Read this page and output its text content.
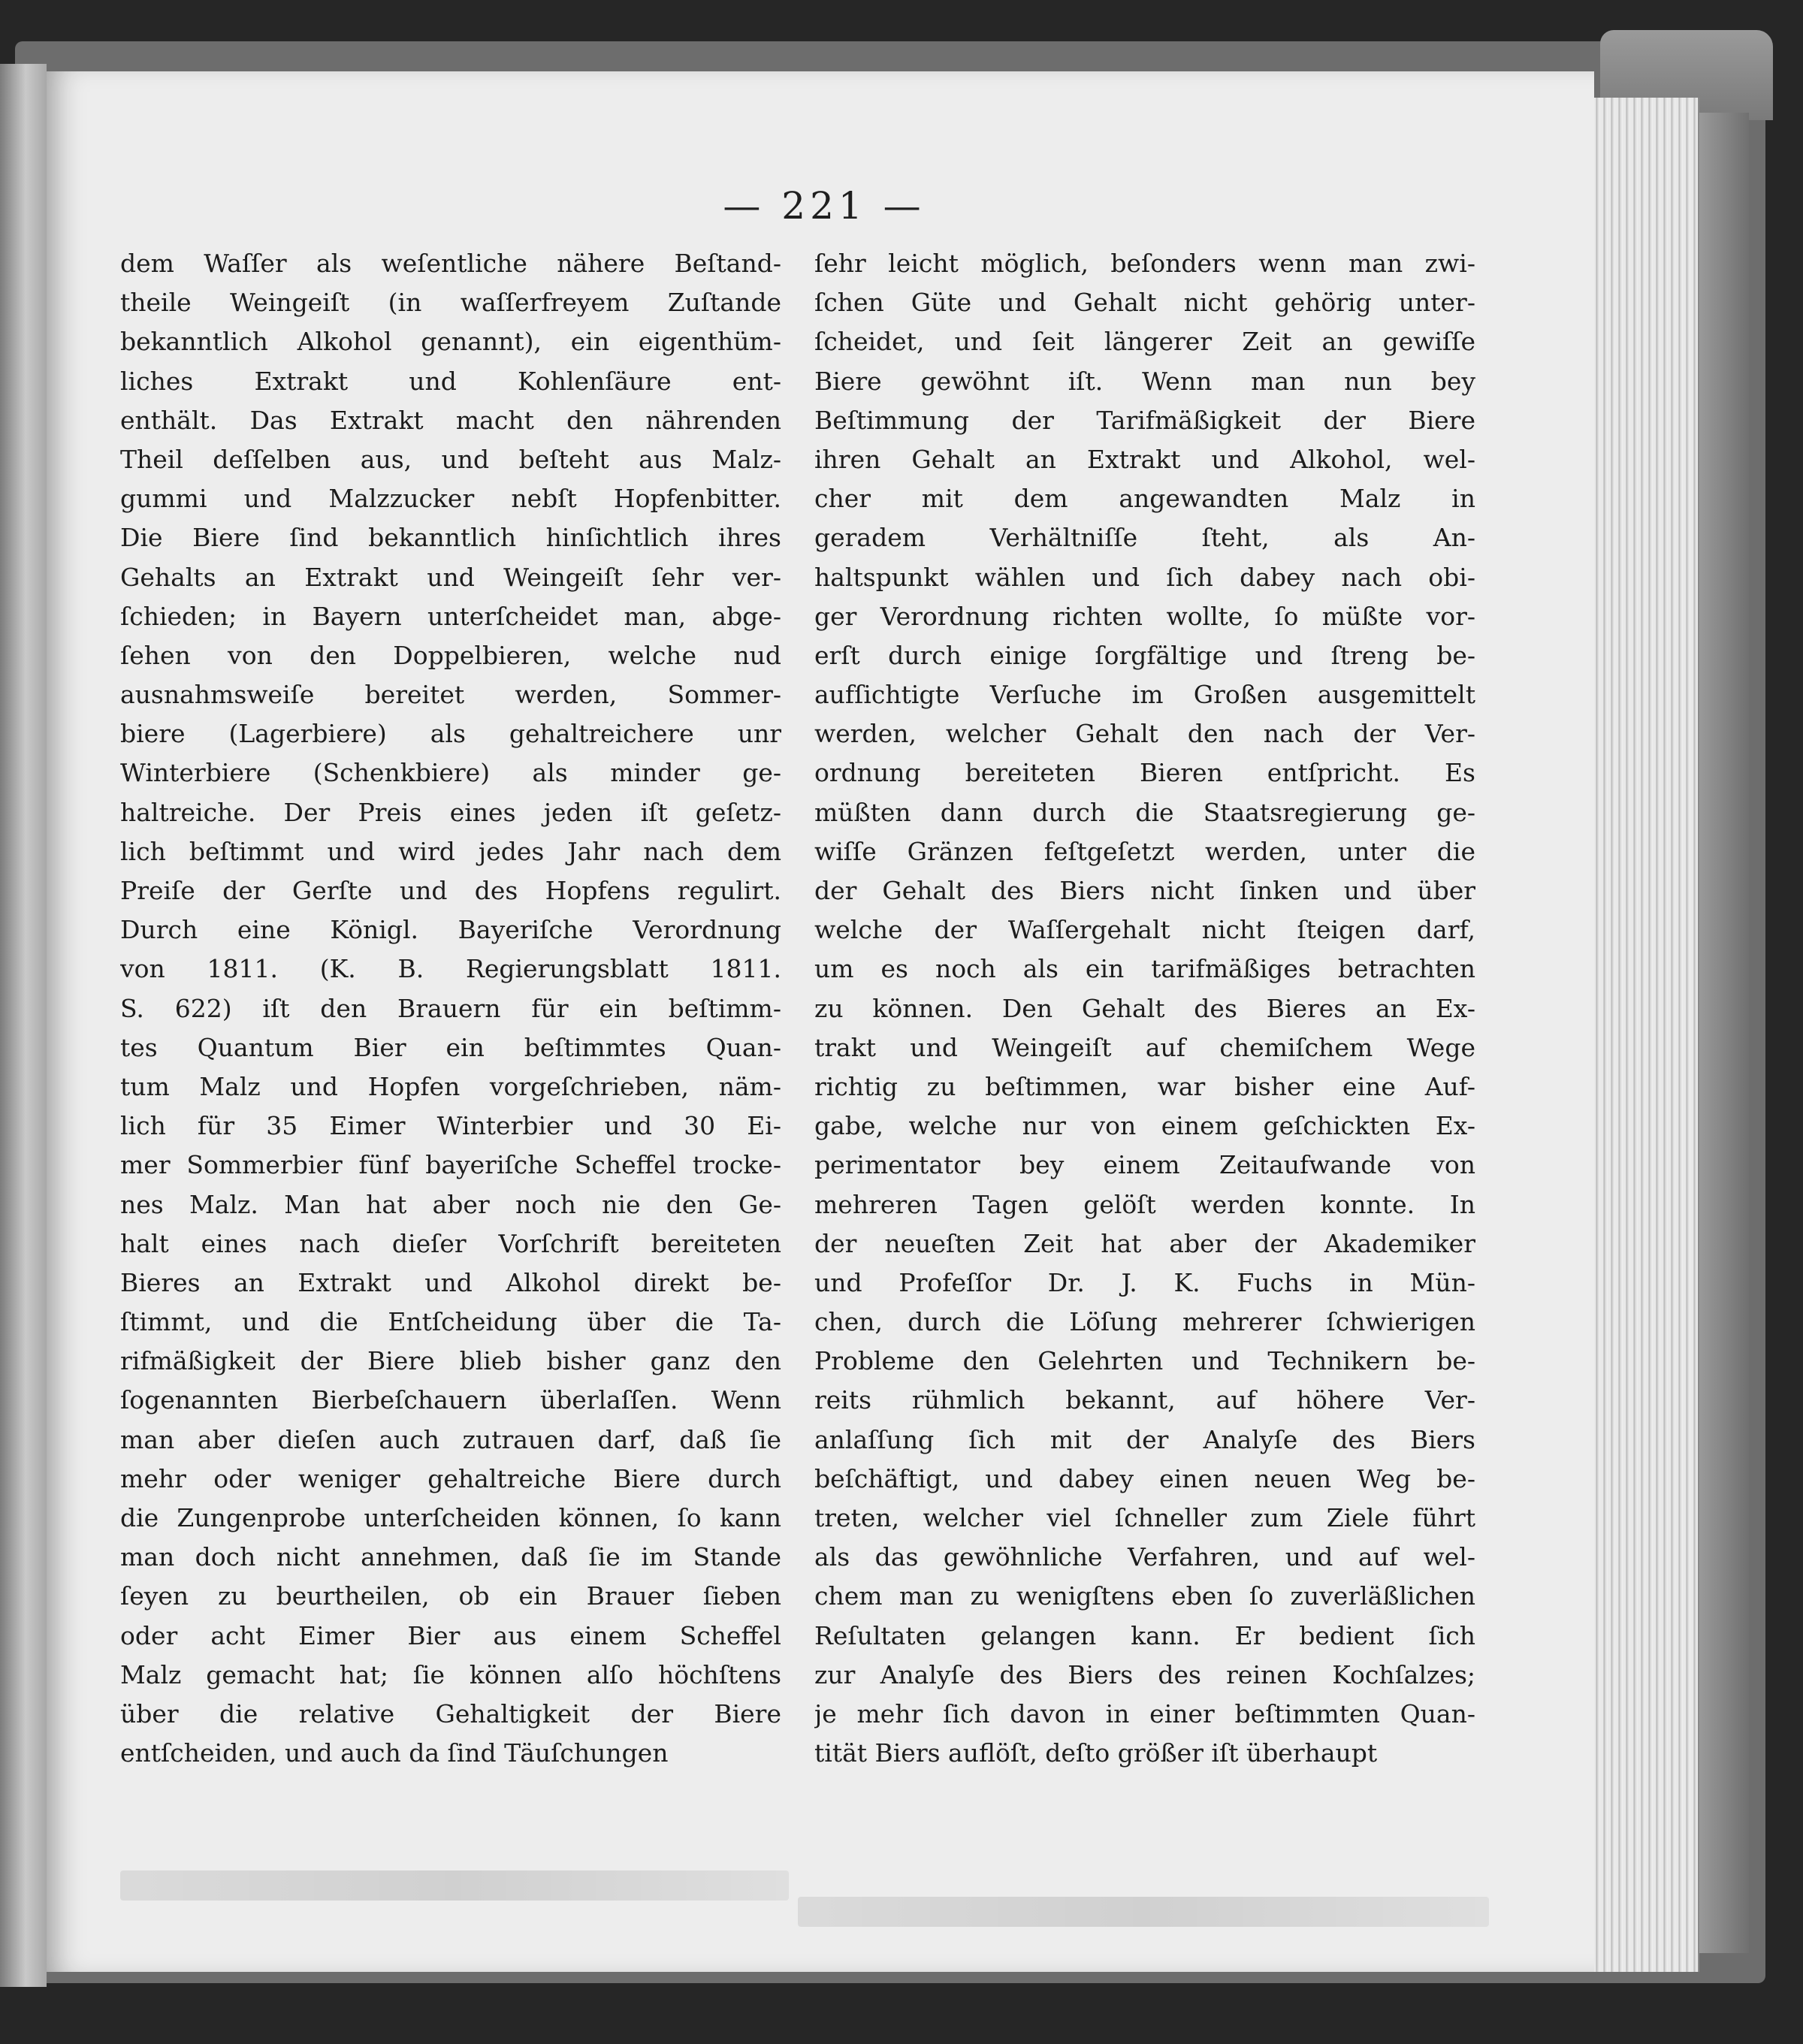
— 221 —
dem Waſſer als weſentliche nähere Beſtand-
theile Weingeiſt (in waſſerfreyem Zuſtande
bekanntlich Alkohol genannt), ein eigenthüm-
liches Extrakt und Kohlenſäure ent-
enthält. Das Extrakt macht den nährenden
Theil deſſelben aus, und beſteht aus Malz-
gummi und Malzzucker nebſt Hopfenbitter.
Die Biere ſind bekanntlich hinſichtlich ihres
Gehalts an Extrakt und Weingeiſt ſehr ver-
ſchieden; in Bayern unterſcheidet man, abge-
ſehen von den Doppelbieren, welche nud
ausnahmsweiſe bereitet werden, Sommer-
biere (Lagerbiere) als gehaltreichere unr
Winterbiere (Schenkbiere) als minder ge-
haltreiche. Der Preis eines jeden iſt geſetz-
lich beſtimmt und wird jedes Jahr nach dem
Preiſe der Gerſte und des Hopfens regulirt.
Durch eine Königl. Bayeriſche Verordnung
von 1811. (K. B. Regierungsblatt 1811.
S. 622) iſt den Brauern für ein beſtimm-
tes Quantum Bier ein beſtimmtes Quan-
tum Malz und Hopfen vorgeſchrieben, näm-
lich für 35 Eimer Winterbier und 30 Ei-
mer Sommerbier fünf bayeriſche Scheffel trocke-
nes Malz. Man hat aber noch nie den Ge-
halt eines nach dieſer Vorſchrift bereiteten
Bieres an Extrakt und Alkohol direkt be-
ſtimmt, und die Entſcheidung über die Ta-
rifmäßigkeit der Biere blieb bisher ganz den
ſogenannten Bierbeſchauern überlaſſen. Wenn
man aber dieſen auch zutrauen darf, daß ſie
mehr oder weniger gehaltreiche Biere durch
die Zungenprobe unterſcheiden können, ſo kann
man doch nicht annehmen, daß ſie im Stande
ſeyen zu beurtheilen, ob ein Brauer ſieben
oder acht Eimer Bier aus einem Scheffel
Malz gemacht hat; ſie können alſo höchſtens
über die relative Gehaltigkeit der Biere
entſcheiden, und auch da ſind Täuſchungen
ſehr leicht möglich, beſonders wenn man zwi-
ſchen Güte und Gehalt nicht gehörig unter-
ſcheidet, und ſeit längerer Zeit an gewiſſe
Biere gewöhnt iſt. Wenn man nun bey
Beſtimmung der Tarifmäßigkeit der Biere
ihren Gehalt an Extrakt und Alkohol, wel-
cher mit dem angewandten Malz in
geradem Verhältniſſe ſteht, als An-
haltspunkt wählen und ſich dabey nach obi-
ger Verordnung richten wollte, ſo müßte vor-
erſt durch einige ſorgfältige und ſtreng be-
aufſichtigte Verſuche im Großen ausgemittelt
werden, welcher Gehalt den nach der Ver-
ordnung bereiteten Bieren entſpricht. Es
müßten dann durch die Staatsregierung ge-
wiſſe Gränzen feſtgeſetzt werden, unter die
der Gehalt des Biers nicht ſinken und über
welche der Waſſergehalt nicht ſteigen darf,
um es noch als ein tarifmäßiges betrachten
zu können. Den Gehalt des Bieres an Ex-
trakt und Weingeiſt auf chemiſchem Wege
richtig zu beſtimmen, war bisher eine Auf-
gabe, welche nur von einem geſchickten Ex-
perimentator bey einem Zeitaufwande von
mehreren Tagen gelöſt werden konnte. In
der neueſten Zeit hat aber der Akademiker
und Profeſſor Dr. J. K. Fuchs in Mün-
chen, durch die Löſung mehrerer ſchwierigen
Probleme den Gelehrten und Technikern be-
reits rühmlich bekannt, auf höhere Ver-
anlaſſung ſich mit der Analyſe des Biers
beſchäftigt, und dabey einen neuen Weg be-
treten, welcher viel ſchneller zum Ziele führt
als das gewöhnliche Verfahren, und auf wel-
chem man zu wenigſtens eben ſo zuverläßlichen
Reſultaten gelangen kann. Er bedient ſich
zur Analyſe des Biers des reinen Kochſalzes;
je mehr ſich davon in einer beſtimmten Quan-
tität Biers auflöſt, deſto größer iſt überhaupt
